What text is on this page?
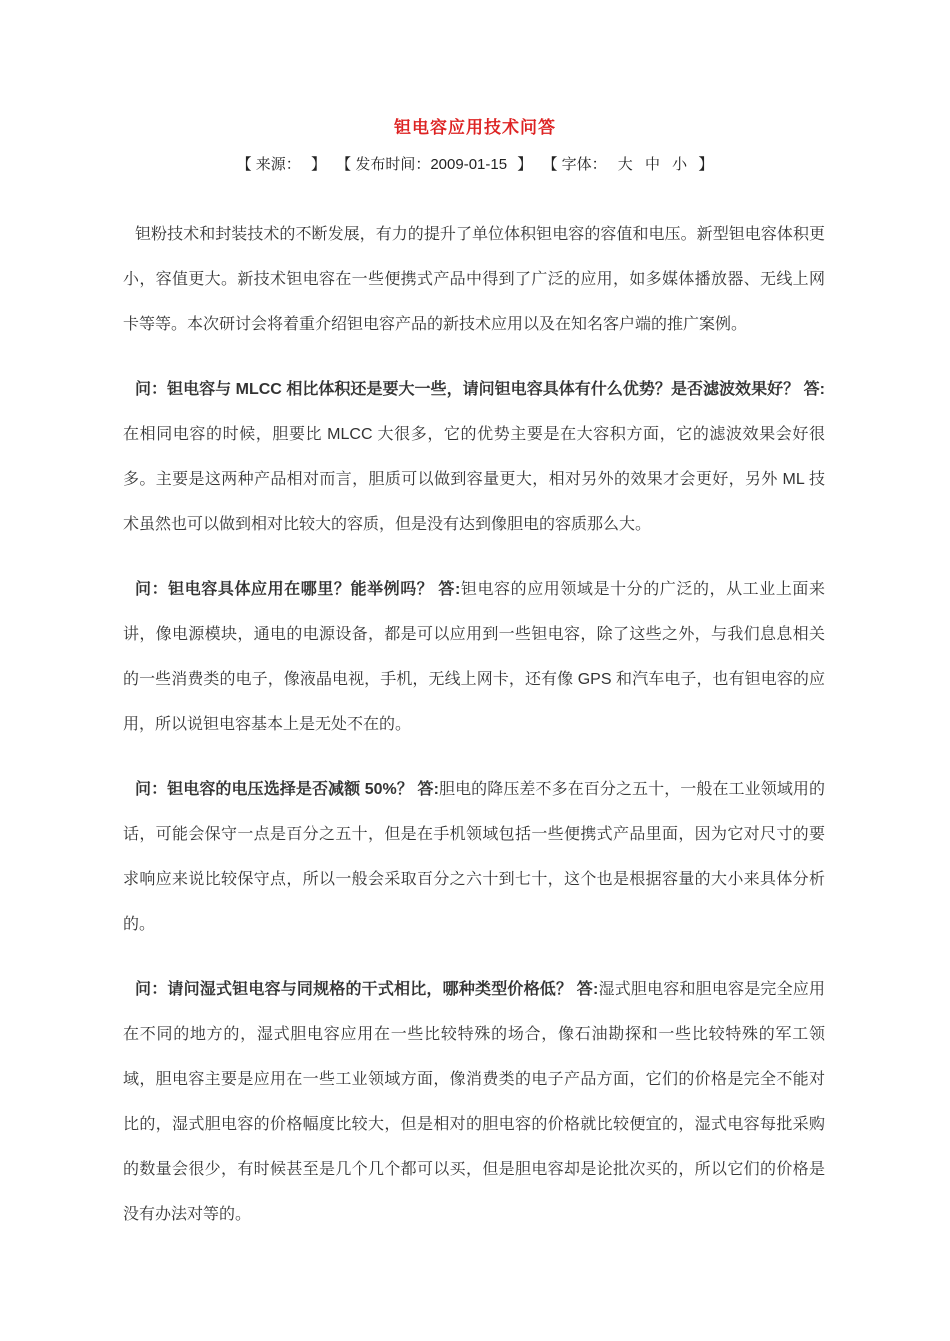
钽电容应用技术问答
【 来源： 】 【 发布时间：2009-01-15 】 【 字体： 大 中 小 】

钽粉技术和封装技术的不断发展，有力的提升了单位体积钽电容的容值和电压。新型钽电容体积更小，容值更大。新技术钽电容在一些便携式产品中得到了广泛的应用，如多媒体播放器、无线上网卡等等。本次研讨会将着重介绍钽电容产品的新技术应用以及在知名客户端的推广案例。

问：钽电容与 MLCC 相比体积还是要大一些，请问钽电容具体有什么优势？是否滤波效果好？ 答:在相同电容的时候，胆要比 MLCC 大很多，它的优势主要是在大容积方面，它的滤波效果会好很多。主要是这两种产品相对而言，胆质可以做到容量更大，相对另外的效果才会更好，另外 ML 技术虽然也可以做到相对比较大的容质，但是没有达到像胆电的容质那么大。

问：钽电容具体应用在哪里？能举例吗？ 答:钽电容的应用领域是十分的广泛的，从工业上面来讲，像电源模块，通电的电源设备，都是可以应用到一些钽电容，除了这些之外，与我们息息相关的一些消费类的电子，像液晶电视，手机，无线上网卡，还有像 GPS 和汽车电子，也有钽电容的应用，所以说钽电容基本上是无处不在的。

问：钽电容的电压选择是否减额 50%？ 答:胆电的降压差不多在百分之五十，一般在工业领域用的话，可能会保守一点是百分之五十，但是在手机领域包括一些便携式产品里面，因为它对尺寸的要求响应来说比较保守点，所以一般会采取百分之六十到七十，这个也是根据容量的大小来具体分析的。

问：请问湿式钽电容与同规格的干式相比，哪种类型价格低？ 答:湿式胆电容和胆电容是完全应用在不同的地方的，湿式胆电容应用在一些比较特殊的场合，像石油勘探和一些比较特殊的军工领域，胆电容主要是应用在一些工业领域方面，像消费类的电子产品方面，它们的价格是完全不能对比的，湿式胆电容的价格幅度比较大，但是相对的胆电容的价格就比较便宜的，湿式电容每批采购的数量会很少，有时候甚至是几个几个都可以买，但是胆电容却是论批次买的，所以它们的价格是没有办法对等的。
